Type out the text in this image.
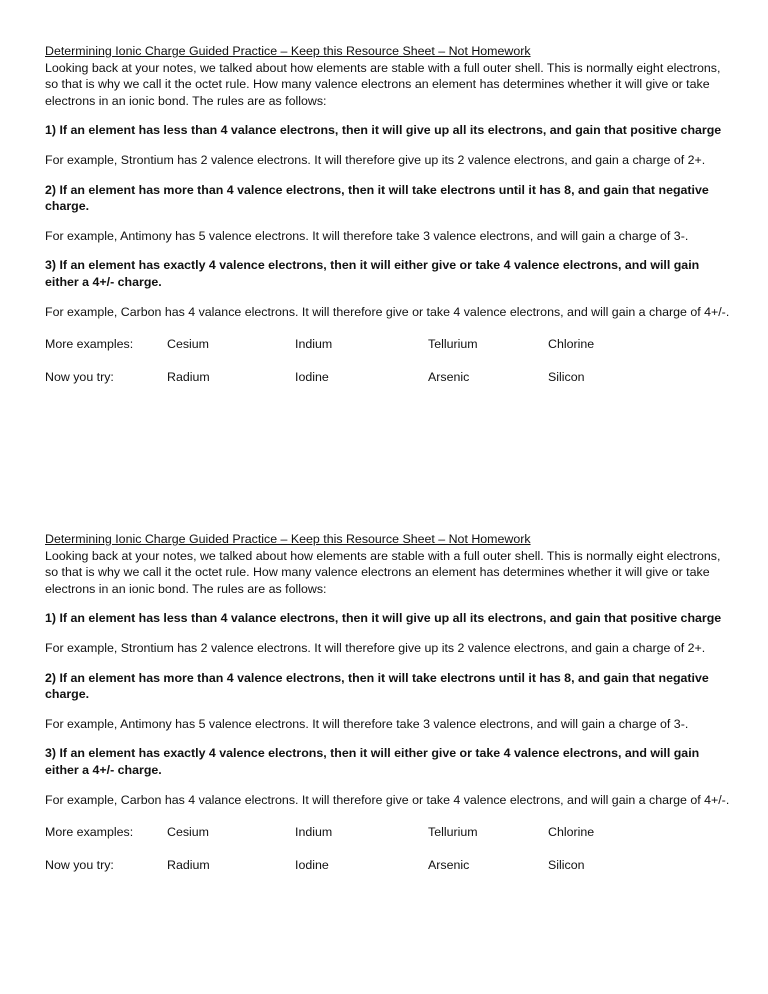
Determining Ionic Charge Guided Practice – Keep this Resource Sheet – Not Homework

Looking back at your notes, we talked about how elements are stable with a full outer shell. This is normally eight electrons, so that is why we call it the octet rule. How many valence electrons an element has determines whether it will give or take electrons in an ionic bond. The rules are as follows:

1) If an element has less than 4 valance electrons, then it will give up all its electrons, and gain that positive charge

For example, Strontium has 2 valence electrons. It will therefore give up its 2 valence electrons, and gain a charge of 2+.

2) If an element has more than 4 valence electrons, then it will take electrons until it has 8, and gain that negative charge.

For example, Antimony has 5 valence electrons. It will therefore take 3 valence electrons, and will gain a charge of 3-.

3) If an element has exactly 4 valence electrons, then it will either give or take 4 valence electrons, and will gain either a 4+/- charge.

For example, Carbon has 4 valance electrons. It will therefore give or take 4 valence electrons, and will gain a charge of 4+/-.

More examples:	Cesium	Indium	Tellurium	Chlorine
Now you try:	Radium	Iodine	Arsenic	Silicon

Determining Ionic Charge Guided Practice – Keep this Resource Sheet – Not Homework

Looking back at your notes, we talked about how elements are stable with a full outer shell. This is normally eight electrons, so that is why we call it the octet rule. How many valence electrons an element has determines whether it will give or take electrons in an ionic bond. The rules are as follows:

1) If an element has less than 4 valance electrons, then it will give up all its electrons, and gain that positive charge

For example, Strontium has 2 valence electrons. It will therefore give up its 2 valence electrons, and gain a charge of 2+.

2) If an element has more than 4 valence electrons, then it will take electrons until it has 8, and gain that negative charge.

For example, Antimony has 5 valence electrons. It will therefore take 3 valence electrons, and will gain a charge of 3-.

3) If an element has exactly 4 valence electrons, then it will either give or take 4 valence electrons, and will gain either a 4+/- charge.

For example, Carbon has 4 valance electrons. It will therefore give or take 4 valence electrons, and will gain a charge of 4+/-.

More examples:	Cesium	Indium	Tellurium	Chlorine
Now you try:	Radium	Iodine	Arsenic	Silicon
